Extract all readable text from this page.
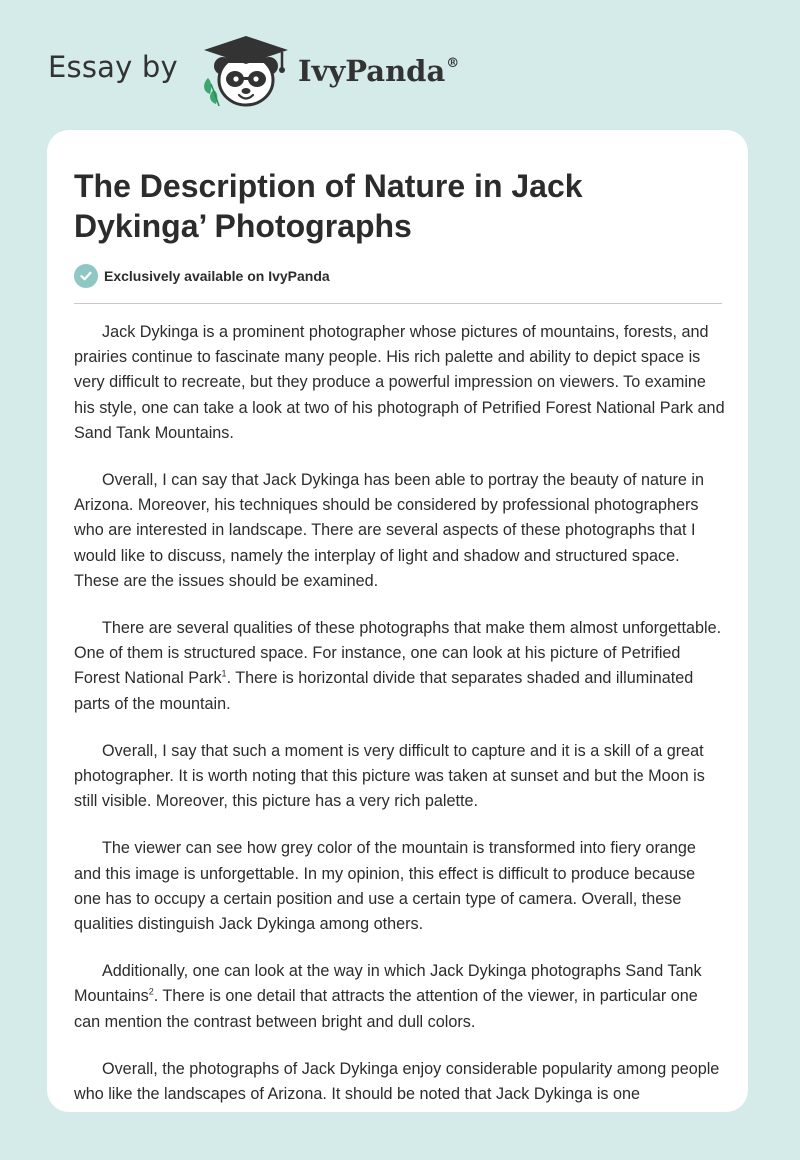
Essay by	IvyPanda®
The Description of Nature in Jack Dykinga’ Photographs
Exclusively available on IvyPanda

Jack Dykinga is a prominent photographer whose pictures of mountains, forests, and prairies continue to fascinate many people. His rich palette and ability to depict space is very difficult to recreate, but they produce a powerful impression on viewers. To examine his style, one can take a look at two of his photograph of Petrified Forest National Park and Sand Tank Mountains.

Overall, I can say that Jack Dykinga has been able to portray the beauty of nature in Arizona. Moreover, his techniques should be considered by professional photographers who are interested in landscape. There are several aspects of these photographs that I would like to discuss, namely the interplay of light and shadow and structured space. These are the issues should be examined.

There are several qualities of these photographs that make them almost unforgettable. One of them is structured space. For instance, one can look at his picture of Petrified Forest National Park$^1$. There is horizontal divide that separates shaded and illuminated parts of the mountain.

Overall, I say that such a moment is very difficult to capture and it is a skill of a great photographer. It is worth noting that this picture was taken at sunset and but the Moon is still visible. Moreover, this picture has a very rich palette.

The viewer can see how grey color of the mountain is transformed into fiery orange and this image is unforgettable. In my opinion, this effect is difficult to produce because one has to occupy a certain position and use a certain type of camera. Overall, these qualities distinguish Jack Dykinga among others.

Additionally, one can look at the way in which Jack Dykinga photographs Sand Tank Mountains$^2$. There is one detail that attracts the attention of the viewer, in particular one can mention the contrast between bright and dull colors.

Overall, the photographs of Jack Dykinga enjoy considerable popularity among people who like the landscapes of Arizona. It should be noted that Jack Dykinga is one
